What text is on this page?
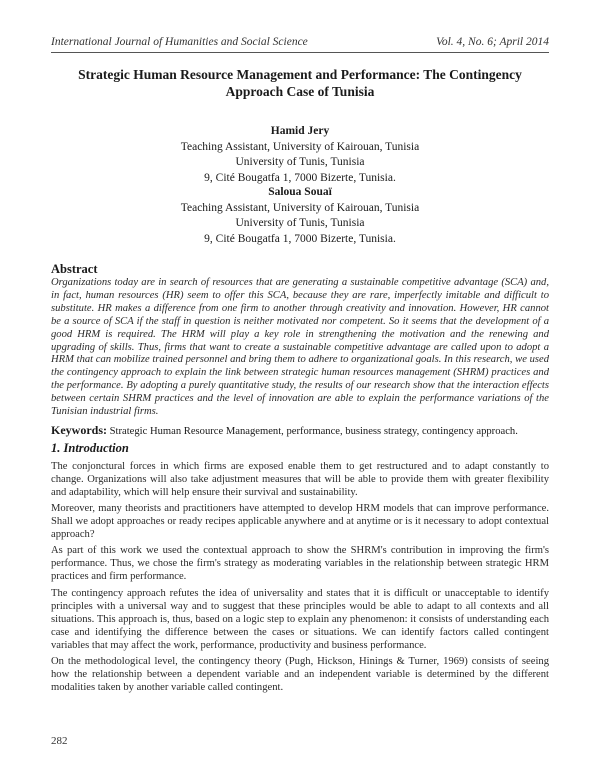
International Journal of Humanities and Social Science	Vol. 4, No. 6; April 2014
Strategic Human Resource Management and Performance: The Contingency
Approach Case of Tunisia
Hamid Jery
Teaching Assistant, University of Kairouan, Tunisia
University of Tunis, Tunisia
9, Cité Bougatfa 1, 7000 Bizerte, Tunisia.
Saloua Souaï
Teaching Assistant, University of Kairouan, Tunisia
University of Tunis, Tunisia
9, Cité Bougatfa 1, 7000 Bizerte, Tunisia.
Abstract
Organizations today are in search of resources that are generating a sustainable competitive advantage (SCA) and, in fact, human resources (HR) seem to offer this SCA, because they are rare, imperfectly imitable and difficult to substitute. HR makes a difference from one firm to another through creativity and innovation. However, HR cannot be a source of SCA if the staff in question is neither motivated nor competent. So it seems that the development of a good HRM is required. The HRM will play a key role in strengthening the motivation and the renewing and upgrading of skills. Thus, firms that want to create a sustainable competitive advantage are called upon to adopt a HRM that can mobilize trained personnel and bring them to adhere to organizational goals. In this research, we used the contingency approach to explain the link between strategic human resources management (SHRM) practices and the performance. By adopting a purely quantitative study, the results of our research show that the interaction effects between certain SHRM practices and the level of innovation are able to explain the performance variations of the Tunisian industrial firms.
Keywords: Strategic Human Resource Management, performance, business strategy, contingency approach.
1. Introduction
The conjonctural forces in which firms are exposed enable them to get restructured and to adapt constantly to change. Organizations will also take adjustment measures that will be able to provide them with greater flexibility and adaptability, which will help ensure their survival and sustainability.
Moreover, many theorists and practitioners have attempted to develop HRM models that can improve performance. Shall we adopt approaches or ready recipes applicable anywhere and at anytime or is it necessary to adopt contextual approach?
As part of this work we used the contextual approach to show the SHRM's contribution in improving the firm's performance. Thus, we chose the firm's strategy as moderating variables in the relationship between strategic HRM practices and firm performance.
The contingency approach refutes the idea of universality and states that it is difficult or unacceptable to identify principles with a universal way and to suggest that these principles would be able to adapt to all contexts and all situations. This approach is, thus, based on a logic step to explain any phenomenon: it consists of understanding each case and identifying the difference between the cases or situations. We can identify factors called contingent variables that may affect the work, performance, productivity and business performance.
On the methodological level, the contingency theory (Pugh, Hickson, Hinings & Turner, 1969) consists of seeing how the relationship between a dependent variable and an independent variable is determined by the different modalities taken by another variable called contingent.
282
